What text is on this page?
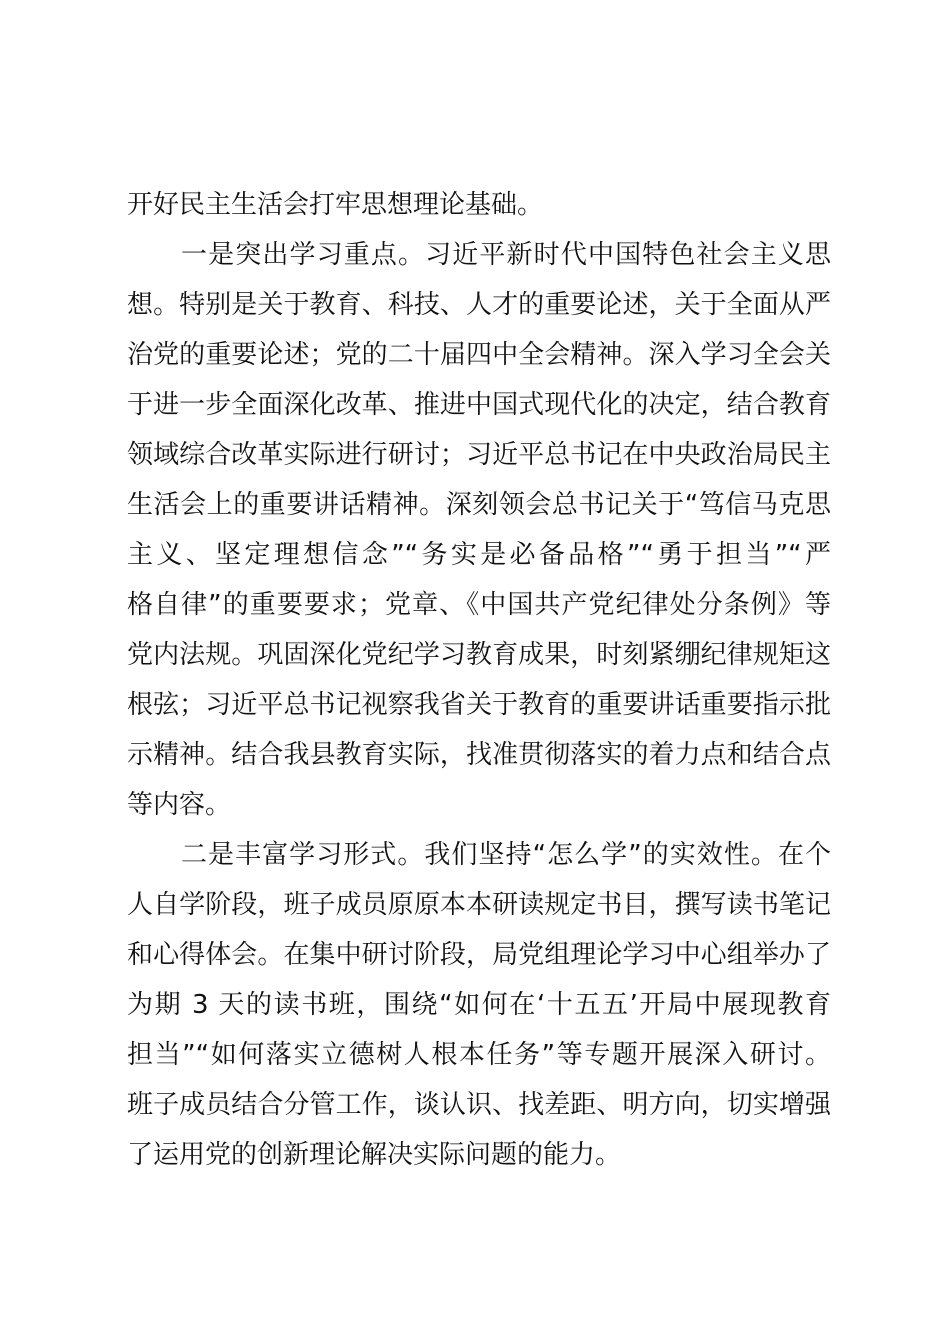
开好民主生活会打牢思想理论基础。
一是突出学习重点。习近平新时代中国特色社会主义思
想。特别是关于教育、科技、人才的重要论述，关于全面从严
治党的重要论述；党的二十届四中全会精神。深入学习全会关
于进一步全面深化改革、推进中国式现代化的决定，结合教育
领域综合改革实际进行研讨；习近平总书记在中央政治局民主
生活会上的重要讲话精神。深刻领会总书记关于“笃信马克思
主义、坚定理想信念”“务实是必备品格”“勇于担当”“严
格自律”的重要要求；党章、《中国共产党纪律处分条例》等
党内法规。巩固深化党纪学习教育成果，时刻紧绷纪律规矩这
根弦；习近平总书记视察我省关于教育的重要讲话重要指示批
示精神。结合我县教育实际，找准贯彻落实的着力点和结合点
等内容。
二是丰富学习形式。我们坚持“怎么学”的实效性。在个
人自学阶段，班子成员原原本本研读规定书目，撰写读书笔记
和心得体会。在集中研讨阶段，局党组理论学习中心组举办了
为期 3 天的读书班，围绕“如何在‘十五五’开局中展现教育
担当”“如何落实立德树人根本任务”等专题开展深入研讨。
班子成员结合分管工作，谈认识、找差距、明方向，切实增强
了运用党的创新理论解决实际问题的能力。
